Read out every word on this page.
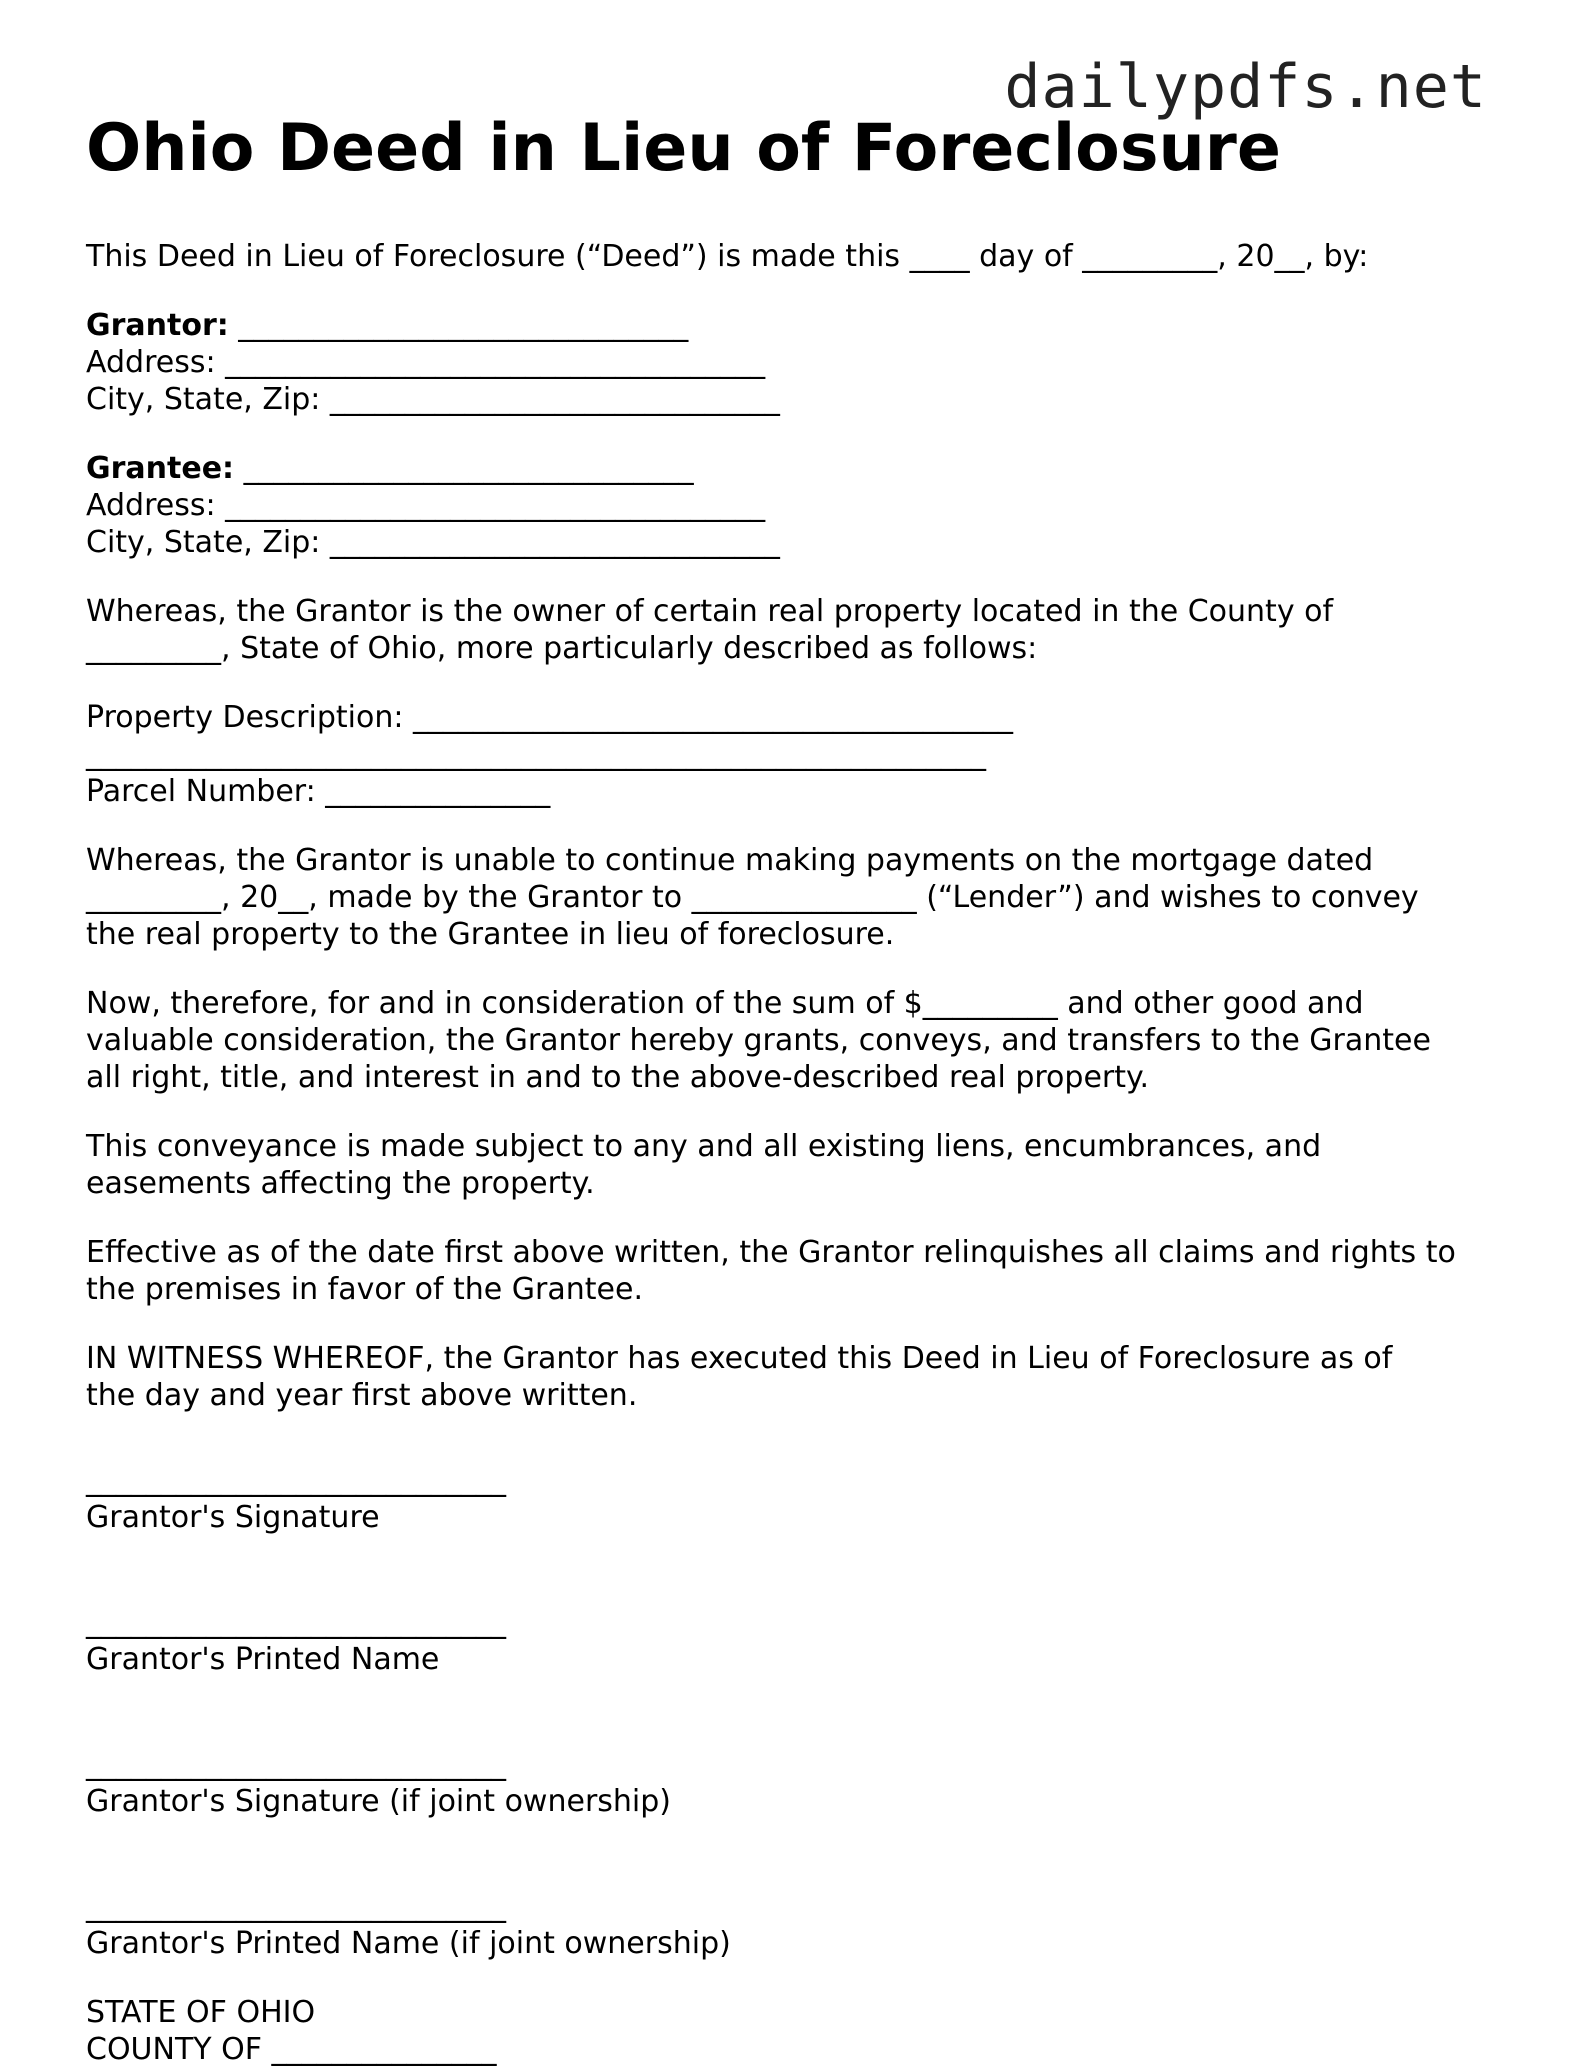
dailypdfs.net
Ohio Deed in Lieu of Foreclosure

This Deed in Lieu of Foreclosure (“Deed”) is made this ____ day of _________, 20__, by:

Grantor: ______________________________
Address: ____________________________________
City, State, Zip: ______________________________
Grantee: ______________________________
Address: ____________________________________
City, State, Zip: ______________________________
Whereas, the Grantor is the owner of certain real property located in the County of
_________, State of Ohio, more particularly described as follows:
Property Description: ________________________________________
____________________________________________________________
Parcel Number: _______________
Whereas, the Grantor is unable to continue making payments on the mortgage dated
_________, 20__, made by the Grantor to _______________ (“Lender”) and wishes to convey
the real property to the Grantee in lieu of foreclosure.
Now, therefore, for and in consideration of the sum of $_________ and other good and
valuable consideration, the Grantor hereby grants, conveys, and transfers to the Grantee
all right, title, and interest in and to the above-described real property.
This conveyance is made subject to any and all existing liens, encumbrances, and
easements affecting the property.
Effective as of the date first above written, the Grantor relinquishes all claims and rights to
the premises in favor of the Grantee.
IN WITNESS WHEREOF, the Grantor has executed this Deed in Lieu of Foreclosure as of
the day and year first above written.
____________________________
Grantor's Signature
____________________________
Grantor's Printed Name
____________________________
Grantor's Signature (if joint ownership)
____________________________
Grantor's Printed Name (if joint ownership)
STATE OF OHIO
COUNTY OF _______________
